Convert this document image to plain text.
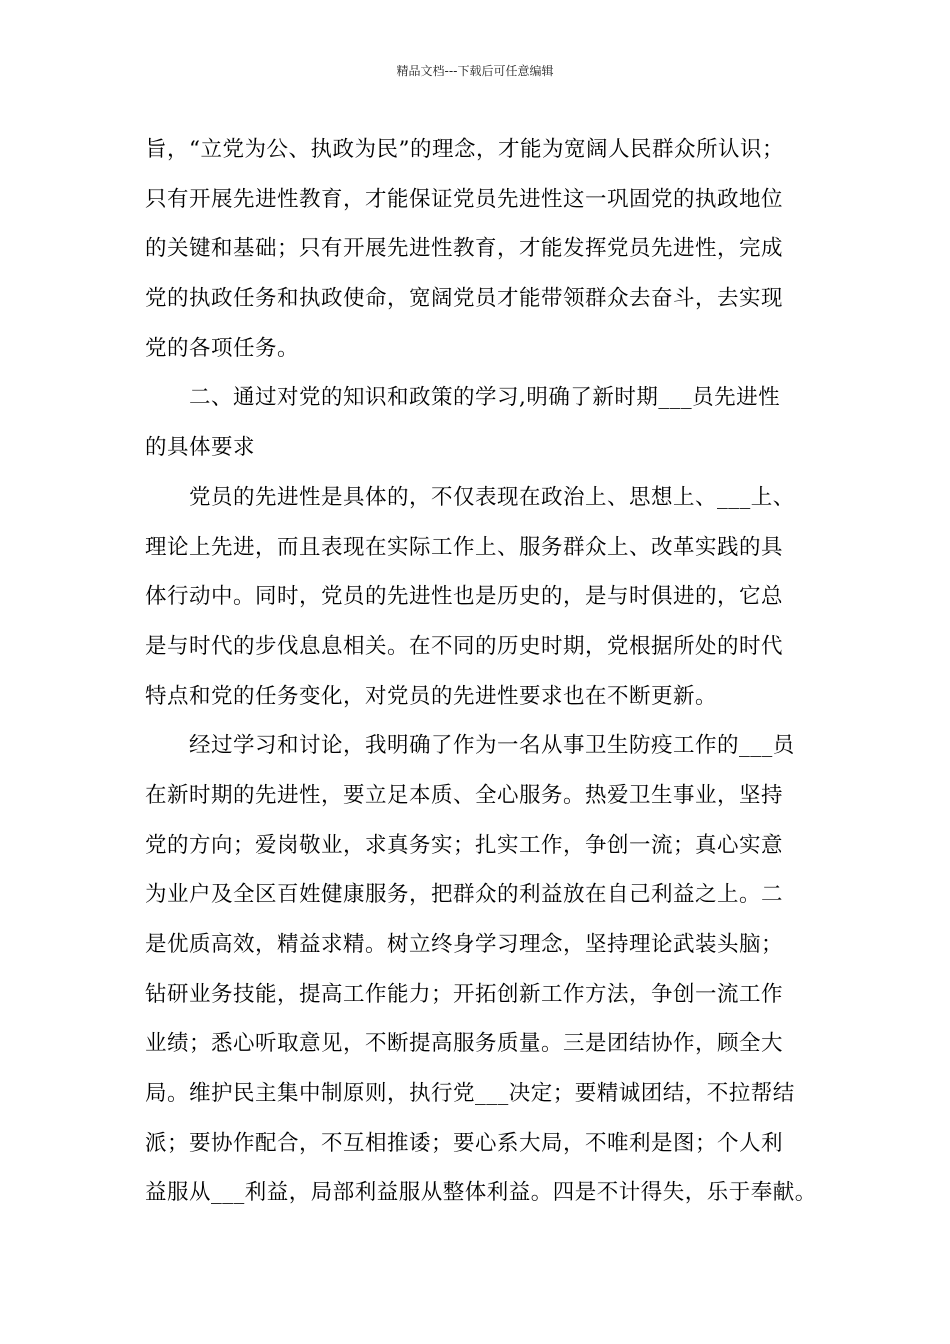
精品文档---下载后可任意编辑
旨，“立党为公、执政为民”的理念，才能为宽阔人民群众所认识；
只有开展先进性教育，才能保证党员先进性这一巩固党的执政地位
的关键和基础；只有开展先进性教育，才能发挥党员先进性，完成
党的执政任务和执政使命，宽阔党员才能带领群众去奋斗，去实现
党的各项任务。
二、通过对党的知识和政策的学习,明确了新时期___员先进性
的具体要求
党员的先进性是具体的，不仅表现在政治上、思想上、___上、
理论上先进，而且表现在实际工作上、服务群众上、改革实践的具
体行动中。同时，党员的先进性也是历史的，是与时俱进的，它总
是与时代的步伐息息相关。在不同的历史时期，党根据所处的时代
特点和党的任务变化，对党员的先进性要求也在不断更新。
经过学习和讨论，我明确了作为一名从事卫生防疫工作的___员
在新时期的先进性，要立足本质、全心服务。热爱卫生事业，坚持
党的方向；爱岗敬业，求真务实；扎实工作，争创一流；真心实意
为业户及全区百姓健康服务，把群众的利益放在自己利益之上。二
是优质高效，精益求精。树立终身学习理念，坚持理论武装头脑；
钻研业务技能，提高工作能力；开拓创新工作方法，争创一流工作
业绩；悉心听取意见，不断提高服务质量。三是团结协作，顾全大
局。维护民主集中制原则，执行党___决定；要精诚团结，不拉帮结
派；要协作配合，不互相推诿；要心系大局，不唯利是图；个人利
益服从___利益，局部利益服从整体利益。四是不计得失，乐于奉献。
